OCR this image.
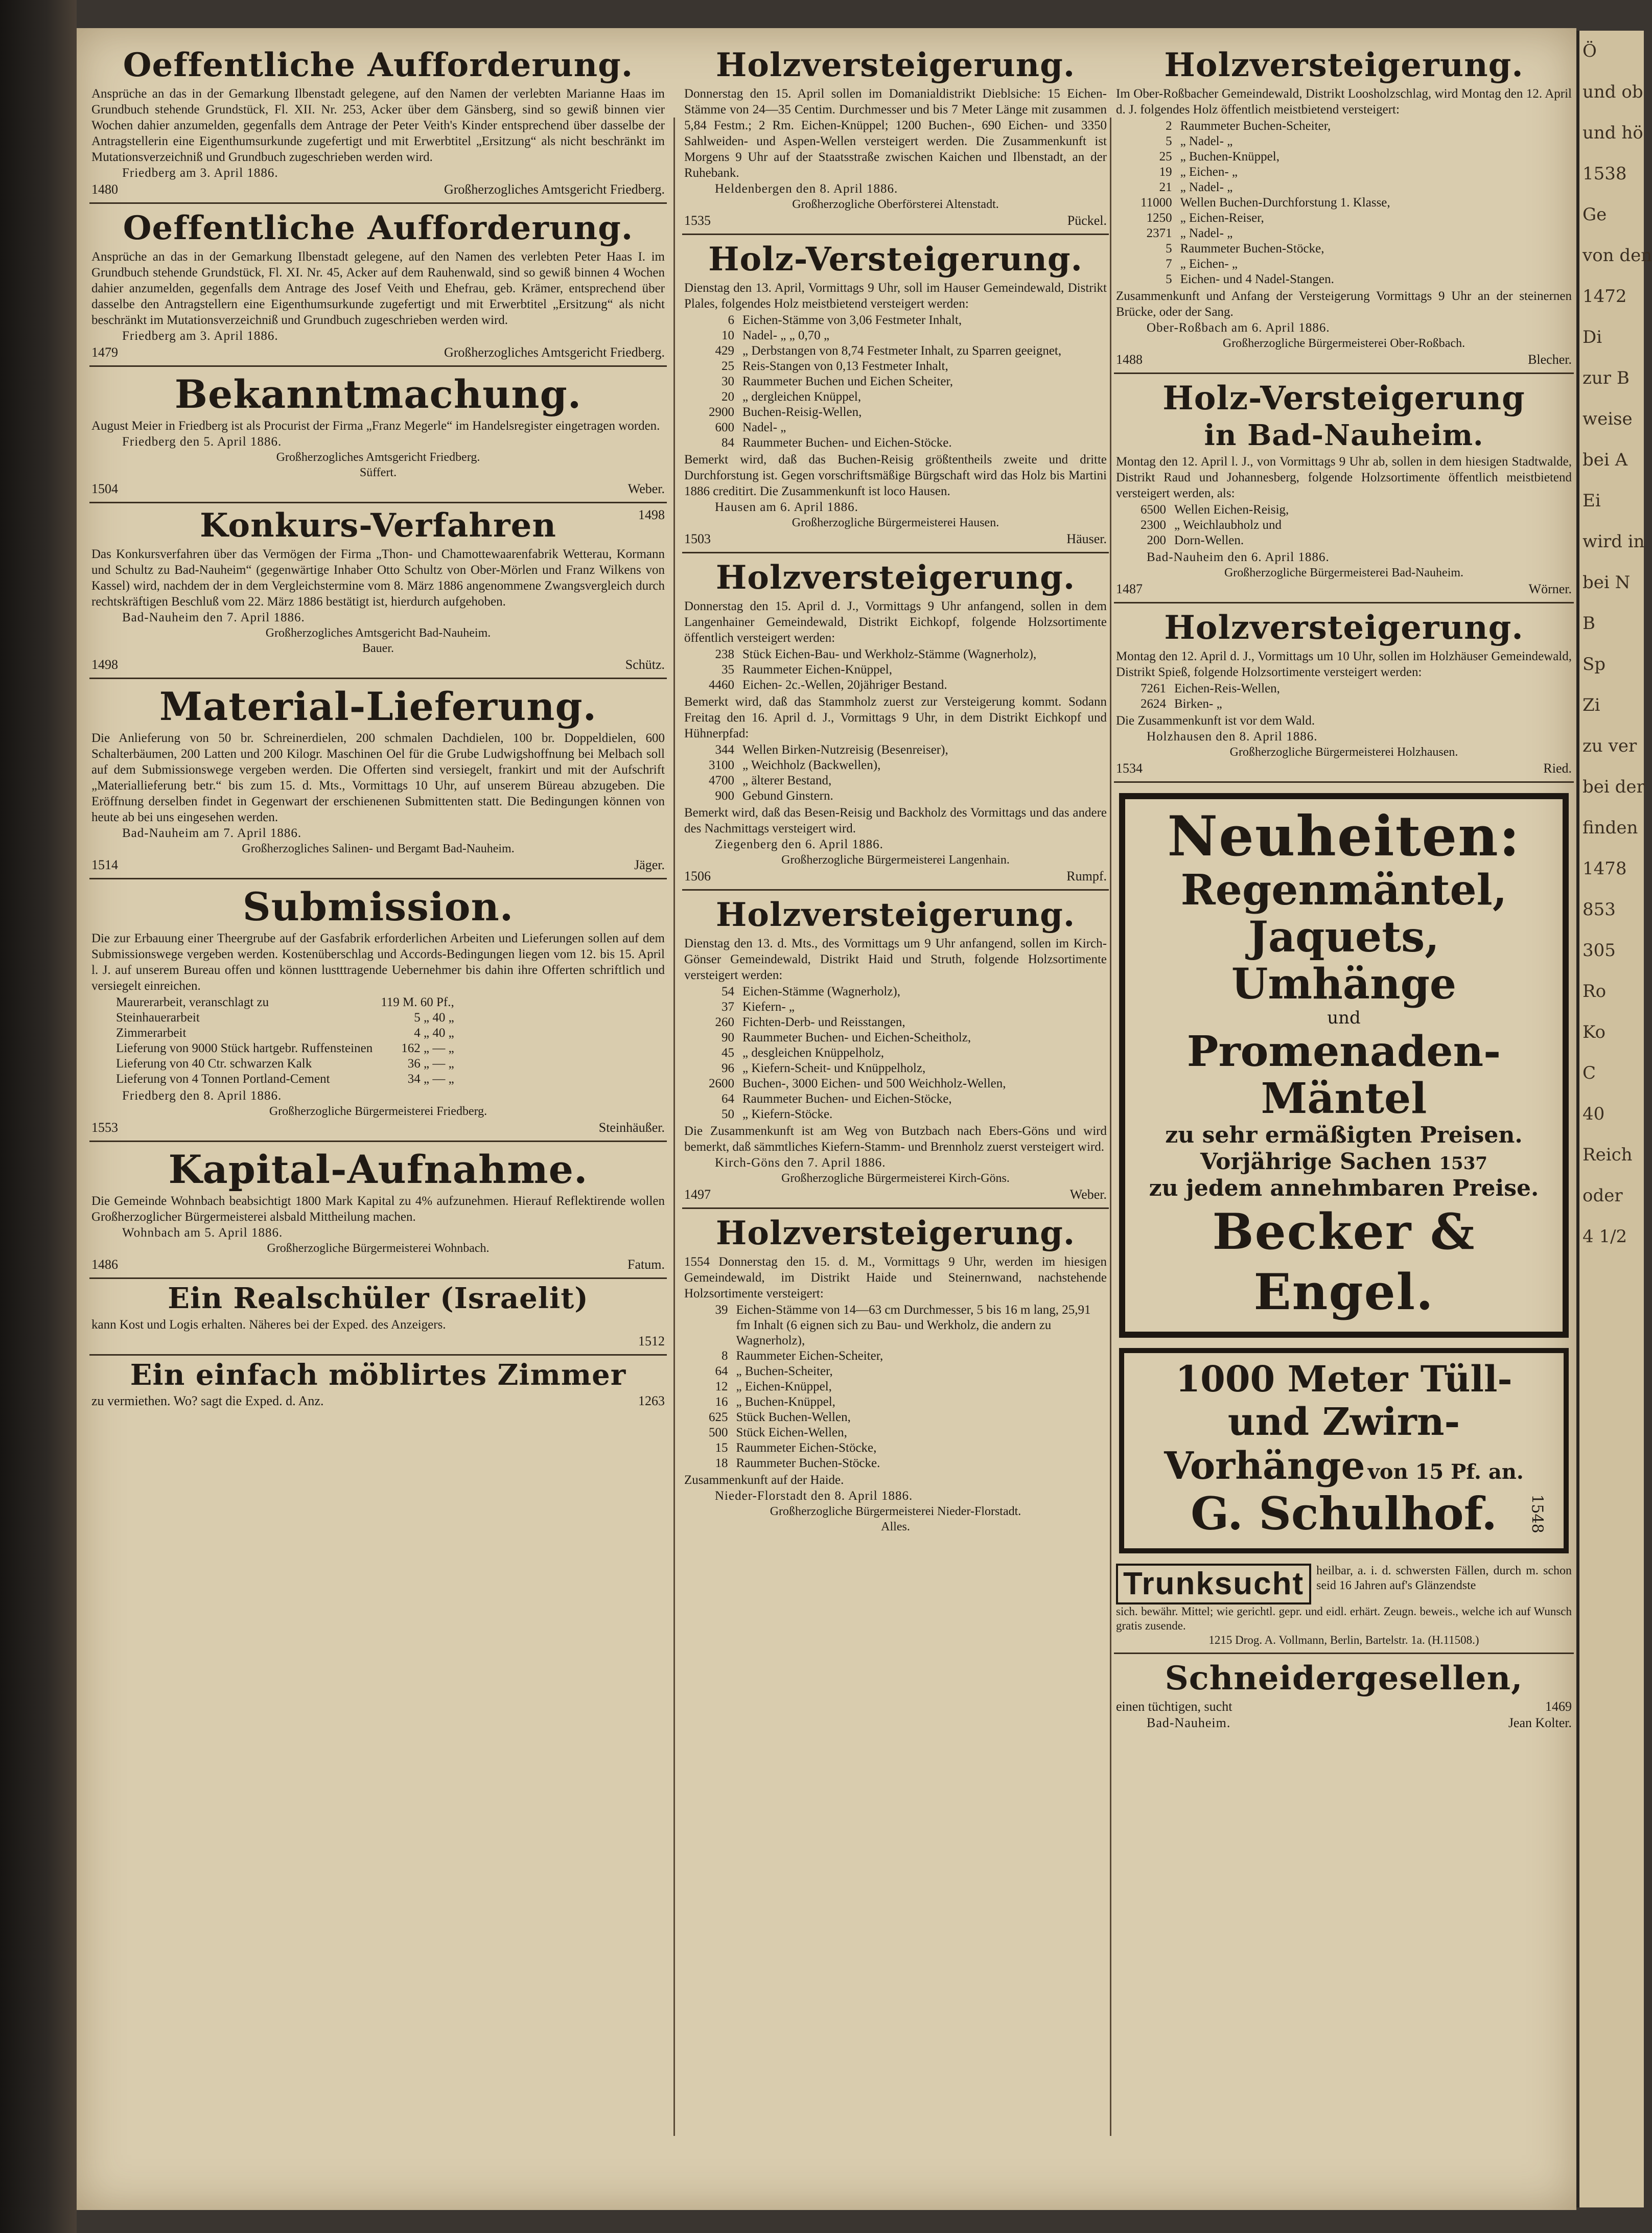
Ö
und ob
und hö
1538
Ge
von den
1472
Di
zur B
weise
bei A
Ei
wird in
bei N
B
Sp
Zi
zu ver
bei der
finden
1478
853
305
Ro
Ko
C
40
Reich
oder
4 1/2
Oeffentliche Aufforderung.

Ansprüche an das in der Gemarkung Ilbenstadt gelegene, auf den Namen der verlebten Marianne Haas im Grundbuch stehende Grundstück, Fl. XII. Nr. 253, Acker über dem Gänsberg, sind so gewiß binnen vier Wochen dahier anzumelden, gegenfalls dem Antrage der Peter Veith's Kinder entsprechend über dasselbe der Antragstellerin eine Eigenthumsurkunde zugefertigt und mit Erwerbtitel „Ersitzung“ als nicht beschränkt im Mutationsverzeichniß und Grundbuch zugeschrieben werden wird.

Friedberg am 3. April 1886.

1480	Großherzogliches Amtsgericht Friedberg.
Oeffentliche Aufforderung.

Ansprüche an das in der Gemarkung Ilbenstadt gelegene, auf den Namen des verlebten Peter Haas I. im Grundbuch stehende Grundstück, Fl. XI. Nr. 45, Acker auf dem Rauhenwald, sind so gewiß binnen 4 Wochen dahier anzumelden, gegenfalls dem Antrage des Josef Veith und Ehefrau, geb. Krämer, entsprechend über dasselbe den Antragstellern eine Eigenthumsurkunde zugefertigt und mit Erwerbtitel „Ersitzung“ als nicht beschränkt im Mutationsverzeichniß und Grundbuch zugeschrieben werden wird.

Friedberg am 3. April 1886.

1479	Großherzogliches Amtsgericht Friedberg.
Bekanntmachung.

August Meier in Friedberg ist als Procurist der Firma „Franz Megerle“ im Handelsregister eingetragen worden.

Friedberg den 5. April 1886.

Großherzogliches Amtsgericht Friedberg.

Süffert.

1504	Weber.
1498
Konkurs-Verfahren

Das Konkursverfahren über das Vermögen der Firma „Thon- und Chamottewaarenfabrik Wetterau, Kormann und Schultz zu Bad-Nauheim“ (gegenwärtige Inhaber Otto Schultz von Ober-Mörlen und Franz Wilkens von Kassel) wird, nachdem der in dem Vergleichstermine vom 8. März 1886 angenommene Zwangsvergleich durch rechtskräftigen Beschluß vom 22. März 1886 bestätigt ist, hierdurch aufgehoben.

Bad-Nauheim den 7. April 1886.

Großherzogliches Amtsgericht Bad-Nauheim.

Bauer.

1498	Schütz.
Material-Lieferung.

Die Anlieferung von 50 br. Schreinerdielen, 200 schmalen Dachdielen, 100 br. Doppeldielen, 600 Schalterbäumen, 200 Latten und 200 Kilogr. Maschinen Oel für die Grube Ludwigshoffnung bei Melbach soll auf dem Submissionswege vergeben werden. Die Offerten sind versiegelt, frankirt und mit der Aufschrift „Materiallieferung betr.“ bis zum 15. d. Mts., Vormittags 10 Uhr, auf unserem Büreau abzugeben. Die Eröffnung derselben findet in Gegenwart der erschienenen Submittenten statt. Die Bedingungen können von heute ab bei uns eingesehen werden.

Bad-Nauheim am 7. April 1886.

Großherzogliches Salinen- und Bergamt Bad-Nauheim.

1514	Jäger.
Submission.

Die zur Erbauung einer Theergrube auf der Gasfabrik erforderlichen Arbeiten und Lieferungen sollen auf dem Submissionswege vergeben werden. Kostenüberschlag und Accords-Bedingungen liegen vom 12. bis 15. April l. J. auf unserem Bureau offen und können lustttragende Uebernehmer bis dahin ihre Offerten schriftlich und versiegelt einreichen.

Maurerarbeit, veranschlagt zu	119 M. 60 Pf.,
Steinhauerarbeit	5 „ 40 „
Zimmerarbeit	4 „ 40 „
Lieferung von 9000 Stück hartgebr. Ruffensteinen	162 „ — „
Lieferung von 40 Ctr. schwarzen Kalk	36 „ — „
Lieferung von 4 Tonnen Portland-Cement	34 „ — „

Friedberg den 8. April 1886.

Großherzogliche Bürgermeisterei Friedberg.

1553	Steinhäußer.
Kapital-Aufnahme.

Die Gemeinde Wohnbach beabsichtigt 1800 Mark Kapital zu 4% aufzunehmen. Hierauf Reflektirende wollen Großherzoglicher Bürgermeisterei alsbald Mittheilung machen.

Wohnbach am 5. April 1886.

Großherzogliche Bürgermeisterei Wohnbach.

1486	Fatum.
Ein Realschüler (Israelit)

kann Kost und Logis erhalten. Näheres bei der Exped. des Anzeigers.

1512
Ein einfach möblirtes Zimmer
zu vermiethen. Wo? sagt die Exped. d. Anz.	1263
Holzversteigerung.

Donnerstag den 15. April sollen im Domanialdistrikt Dieblsiche: 15 Eichen-Stämme von 24—35 Centim. Durchmesser und bis 7 Meter Länge mit zusammen 5,84 Festm.; 2 Rm. Eichen-Knüppel; 1200 Buchen-, 690 Eichen- und 3350 Sahlweiden- und Aspen-Wellen versteigert werden. Die Zusammenkunft ist Morgens 9 Uhr auf der Staatsstraße zwischen Kaichen und Ilbenstadt, an der Ruhebank.

Heldenbergen den 8. April 1886.

Großherzogliche Oberförsterei Altenstadt.

1535	Pückel.
Holz-Versteigerung.

Dienstag den 13. April, Vormittags 9 Uhr, soll im Hauser Gemeindewald, Distrikt Plales, folgendes Holz meistbietend versteigert werden:

6	Eichen-Stämme von 3,06 Festmeter Inhalt,
10	Nadel- „ „ 0,70 „
429	„ Derbstangen von 8,74 Festmeter Inhalt, zu Sparren geeignet,
25	Reis-Stangen von 0,13 Festmeter Inhalt,
30	Raummeter Buchen und Eichen Scheiter,
20	„ dergleichen Knüppel,
2900	Buchen-Reisig-Wellen,
600	Nadel- „
84	Raummeter Buchen- und Eichen-Stöcke.

Bemerkt wird, daß das Buchen-Reisig größtentheils zweite und dritte Durchforstung ist. Gegen vorschriftsmäßige Bürgschaft wird das Holz bis Martini 1886 creditirt. Die Zusammenkunft ist loco Hausen.

Hausen am 6. April 1886.

Großherzogliche Bürgermeisterei Hausen.

1503	Häuser.
Holzversteigerung.

Donnerstag den 15. April d. J., Vormittags 9 Uhr anfangend, sollen in dem Langenhainer Gemeindewald, Distrikt Eichkopf, folgende Holzsortimente öffentlich versteigert werden:

238	Stück Eichen-Bau- und Werkholz-Stämme (Wagnerholz),
35	Raummeter Eichen-Knüppel,
4460	Eichen- 2c.-Wellen, 20jähriger Bestand.

Bemerkt wird, daß das Stammholz zuerst zur Versteigerung kommt. Sodann Freitag den 16. April d. J., Vormittags 9 Uhr, in dem Distrikt Eichkopf und Hühnerpfad:

344	Wellen Birken-Nutzreisig (Besenreiser),
3100	„ Weichholz (Backwellen),
4700	„ älterer Bestand,
900	Gebund Ginstern.

Bemerkt wird, daß das Besen-Reisig und Backholz des Vormittags und das andere des Nachmittags versteigert wird.

Ziegenberg den 6. April 1886.

Großherzogliche Bürgermeisterei Langenhain.

1506	Rumpf.
Holzversteigerung.

Dienstag den 13. d. Mts., des Vormittags um 9 Uhr anfangend, sollen im Kirch-Gönser Gemeindewald, Distrikt Haid und Struth, folgende Holzsortimente versteigert werden:

54	Eichen-Stämme (Wagnerholz),
37	Kiefern- „
260	Fichten-Derb- und Reisstangen,
90	Raummeter Buchen- und Eichen-Scheitholz,
45	„ desgleichen Knüppelholz,
96	„ Kiefern-Scheit- und Knüppelholz,
2600	Buchen-, 3000 Eichen- und 500 Weichholz-Wellen,
64	Raummeter Buchen- und Eichen-Stöcke,
50	„ Kiefern-Stöcke.

Die Zusammenkunft ist am Weg von Butzbach nach Ebers-Göns und wird bemerkt, daß sämmtliches Kiefern-Stamm- und Brennholz zuerst versteigert wird.

Kirch-Göns den 7. April 1886.

Großherzogliche Bürgermeisterei Kirch-Göns.

1497	Weber.
Holzversteigerung.

1554 Donnerstag den 15. d. M., Vormittags 9 Uhr, werden im hiesigen Gemeindewald, im Distrikt Haide und Steinernwand, nachstehende Holzsortimente versteigert:

39	Eichen-Stämme von 14—63 cm Durchmesser, 5 bis 16 m lang, 25,91 fm Inhalt (6 eignen sich zu Bau- und Werkholz, die andern zu Wagnerholz),
8	Raummeter Eichen-Scheiter,
64	„ Buchen-Scheiter,
12	„ Eichen-Knüppel,
16	„ Buchen-Knüppel,
625	Stück Buchen-Wellen,
500	Stück Eichen-Wellen,
15	Raummeter Eichen-Stöcke,
18	Raummeter Buchen-Stöcke.

Zusammenkunft auf der Haide.

Nieder-Florstadt den 8. April 1886.

Großherzogliche Bürgermeisterei Nieder-Florstadt.

Alles.

Holzversteigerung.

Im Ober-Roßbacher Gemeindewald, Distrikt Loosholzschlag, wird Montag den 12. April d. J. folgendes Holz öffentlich meistbietend versteigert:

2	Raummeter Buchen-Scheiter,
5	„ Nadel- „
25	„ Buchen-Knüppel,
19	„ Eichen- „
21	„ Nadel- „
11000	Wellen Buchen-Durchforstung 1. Klasse,
1250	„ Eichen-Reiser,
2371	„ Nadel- „
5	Raummeter Buchen-Stöcke,
7	„ Eichen- „
5	Eichen- und 4 Nadel-Stangen.

Zusammenkunft und Anfang der Versteigerung Vormittags 9 Uhr an der steinernen Brücke, oder der Sang.

Ober-Roßbach am 6. April 1886.

Großherzogliche Bürgermeisterei Ober-Roßbach.

1488	Blecher.
Holz-Versteigerung
in Bad-Nauheim.

Montag den 12. April l. J., von Vormittags 9 Uhr ab, sollen in dem hiesigen Stadtwalde, Distrikt Raud und Johannesberg, folgende Holzsortimente öffentlich meistbietend versteigert werden, als:

6500	Wellen Eichen-Reisig,
2300	„ Weichlaubholz und
200	Dorn-Wellen.

Bad-Nauheim den 6. April 1886.

Großherzogliche Bürgermeisterei Bad-Nauheim.

1487	Wörner.
Holzversteigerung.

Montag den 12. April d. J., Vormittags um 10 Uhr, sollen im Holzhäuser Gemeindewald, Distrikt Spieß, folgende Holzsortimente versteigert werden:

7261	Eichen-Reis-Wellen,
2624	Birken- „

Die Zusammenkunft ist vor dem Wald.

Holzhausen den 8. April 1886.

Großherzogliche Bürgermeisterei Holzhausen.

1534	Ried.
Neuheiten:
Regenmäntel,
Jaquets, Umhänge
und
Promenaden-Mäntel
zu sehr ermäßigten Preisen.
Vorjährige Sachen 1537
zu jedem annehmbaren Preise.
Becker & Engel.
1000 Meter Tüll-
und Zwirn-
Vorhänge von 15 Pf. an.
G. Schulhof.	1548
Trunksucht	heilbar, a. i. d. schwersten Fällen, durch m. schon seid 16 Jahren auf's Glänzendste

sich. bewähr. Mittel; wie gerichtl. gepr. und eidl. erhärt. Zeugn. beweis., welche ich auf Wunsch gratis zusende.

1215 Drog. A. Vollmann, Berlin, Bartelstr. 1a. (H.11508.)

Schneidergesellen,
einen tüchtigen, sucht	1469
Bad-Nauheim.	Jean Kolter.
